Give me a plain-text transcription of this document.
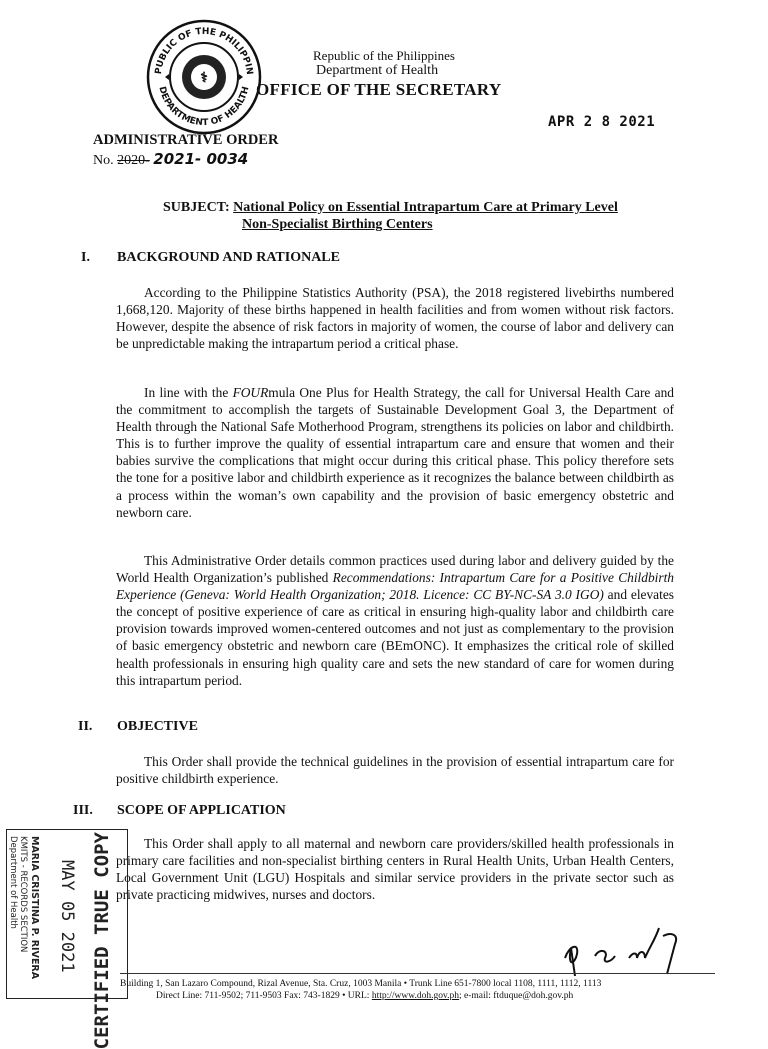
⚕
PUBLIC OF THE PHILIPPIN
DEPARTMENT OF HEALTH
Republic of the Philippines
Department of Health
OFFICE OF THE SECRETARY
APR 2 8 2021
ADMINISTRATIVE ORDER
No. 2020- 2021- 0034
SUBJECT: National Policy on Essential Intrapartum Care at Primary Level
Non-Specialist Birthing Centers
I. BACKGROUND AND RATIONALE
According to the Philippine Statistics Authority (PSA), the 2018 registered livebirths numbered 1,668,120. Majority of these births happened in health facilities and from women without risk factors. However, despite the absence of risk factors in majority of women, the course of labor and delivery can be unpredictable making the intrapartum period a critical phase.
In line with the FOURmula One Plus for Health Strategy, the call for Universal Health Care and the commitment to accomplish the targets of Sustainable Development Goal 3, the Department of Health through the National Safe Motherhood Program, strengthens its policies on labor and childbirth. This is to further improve the quality of essential intrapartum care and ensure that women and their babies survive the complications that might occur during this critical phase. This policy therefore sets the tone for a positive labor and childbirth experience as it recognizes the balance between childbirth as a process within the woman’s own capability and the provision of basic emergency obstetric and newborn care.
This Administrative Order details common practices used during labor and delivery guided by the World Health Organization’s published Recommendations: Intrapartum Care for a Positive Childbirth Experience (Geneva: World Health Organization; 2018. Licence: CC BY-NC-SA 3.0 IGO) and elevates the concept of positive experience of care as critical in ensuring high-quality labor and childbirth care provision towards improved women-centered outcomes and not just as complementary to the provision of basic emergency obstetric and newborn care (BEmONC). It emphasizes the critical role of skilled health professionals in ensuring high quality care and sets the new standard of care for women during this intrapartum period.
II. OBJECTIVE
This Order shall provide the technical guidelines in the provision of essential intrapartum care for positive childbirth experience.
III. SCOPE OF APPLICATION
This Order shall apply to all maternal and newborn care providers/skilled health professionals in primary care facilities and non-specialist birthing centers in Rural Health Units, Urban Health Centers, Local Government Unit (LGU) Hospitals and similar service providers in the private sector such as private practicing midwives, nurses and doctors.
CERTIFIED TRUE COPY
MAY 05 2021
MARIA CRISTINA P. RIVERA
KMITS - RECORDS SECTION
Department of Health
Building 1, San Lazaro Compound, Rizal Avenue, Sta. Cruz, 1003 Manila • Trunk Line 651-7800 local 1108, 1111, 1112, 1113
Direct Line: 711-9502; 711-9503 Fax: 743-1829 • URL: http://www.doh.gov.ph; e-mail: ftduque@doh.gov.ph
